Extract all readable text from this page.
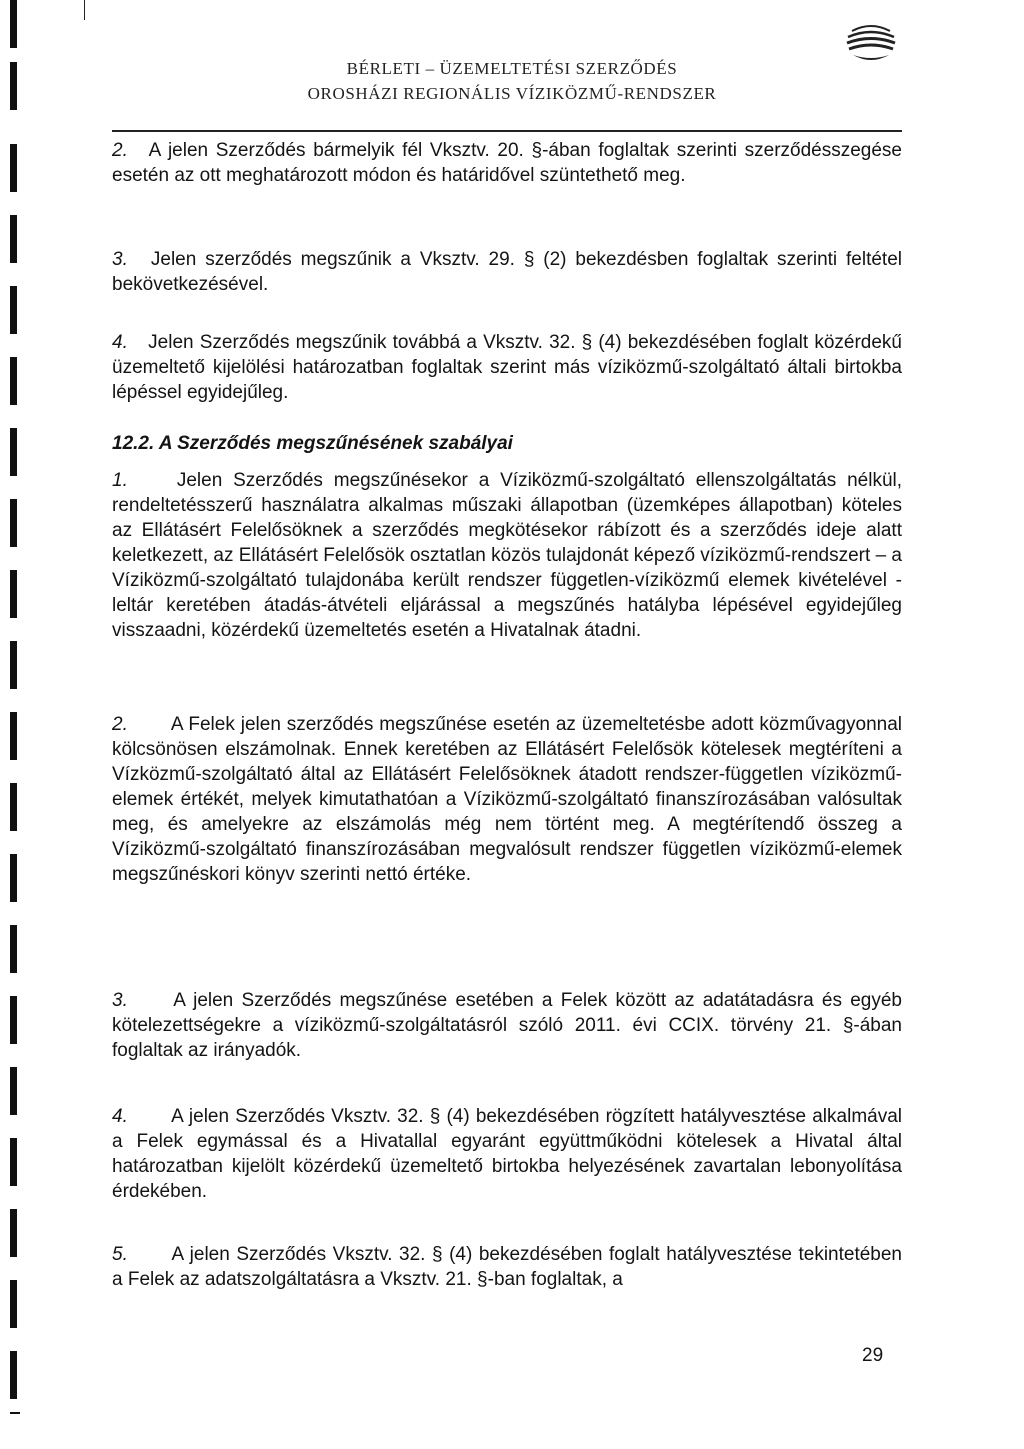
BÉRLETI – ÜZEMELTETÉSI SZERZŐDÉS
OROSHÁZI REGIONÁLIS VÍZIKÖZMŰ-RENDSZER

2. A jelen Szerződés bármelyik fél Vksztv. 20. §-ában foglaltak szerinti szerződésszegése esetén az ott meghatározott módon és határidővel szüntethető meg.

3. Jelen szerződés megszűnik a Vksztv. 29. § (2) bekezdésben foglaltak szerinti feltétel bekövetkezésével.

4. Jelen Szerződés megszűnik továbbá a Vksztv. 32. § (4) bekezdésében foglalt közérdekű üzemeltető kijelölési határozatban foglaltak szerint más víziközmű-szolgáltató általi birtokba lépéssel egyidejűleg.

12.2. A Szerződés megszűnésének szabályai

1.	Jelen Szerződés megszűnésekor a Víziközmű-szolgáltató ellenszolgáltatás nélkül, rendeltetésszerű használatra alkalmas műszaki állapotban (üzemképes állapotban) köteles az Ellátásért Felelősöknek a szerződés megkötésekor rábízott és a szerződés ideje alatt keletkezett, az Ellátásért Felelősök osztatlan közös tulajdonát képező víziközmű-rendszert – a Víziközmű-szolgáltató tulajdonába került rendszer független-víziközmű elemek kivételével - leltár keretében átadás-átvételi eljárással a megszűnés hatályba lépésével egyidejűleg visszaadni, közérdekű üzemeltetés esetén a Hivatalnak átadni.

2. A Felek jelen szerződés megszűnése esetén az üzemeltetésbe adott közművagyonnal kölcsönösen elszámolnak. Ennek keretében az Ellátásért Felelősök kötelesek megtéríteni a Vízközmű-szolgáltató által az Ellátásért Felelősöknek átadott rendszer-független víziközmű-elemek értékét, melyek kimutathatóan a Víziközmű-szolgáltató finanszírozásában valósultak meg, és amelyekre az elszámolás még nem történt meg. A megtérítendő összeg a Víziközmű-szolgáltató finanszírozásában megvalósult rendszer független víziközmű-elemek megszűnéskori könyv szerinti nettó értéke.

3. A jelen Szerződés megszűnése esetében a Felek között az adatátadásra és egyéb kötelezettségekre a víziközmű-szolgáltatásról szóló 2011. évi CCIX. törvény 21. §-ában foglaltak az irányadók.

4. A jelen Szerződés Vksztv. 32. § (4) bekezdésében rögzített hatályvesztése alkalmával a Felek egymással és a Hivatallal egyaránt együttműködni kötelesek a Hivatal által határozatban kijelölt közérdekű üzemeltető birtokba helyezésének zavartalan lebonyolítása érdekében.

5. A jelen Szerződés Vksztv. 32. § (4) bekezdésében foglalt hatályvesztése tekintetében a Felek az adatszolgáltatásra a Vksztv. 21. §-ban foglaltak, a

29
